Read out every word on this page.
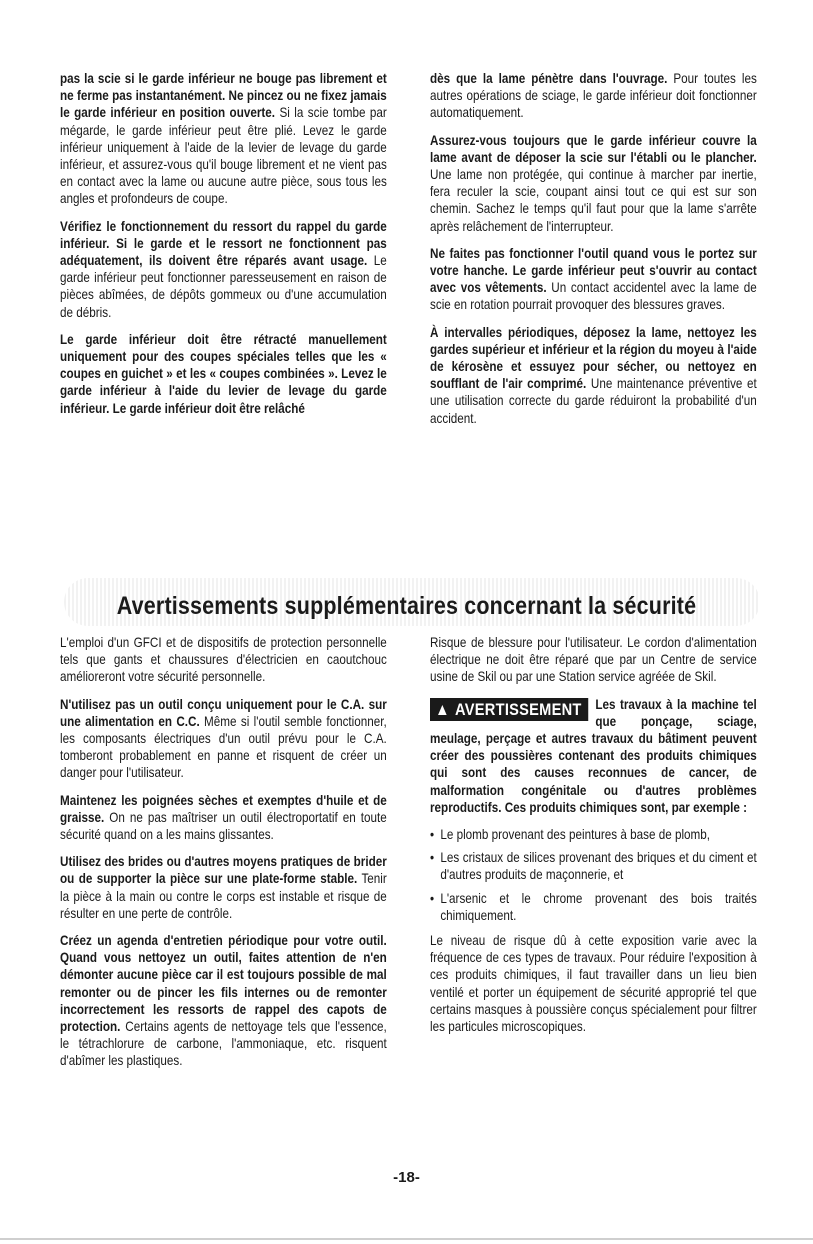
pas la scie si le garde inférieur ne bouge pas librement et ne ferme pas instantanément. Ne pincez ou ne fixez jamais le garde inférieur en position ouverte. Si la scie tombe par mégarde, le garde inférieur peut être plié. Levez le garde inférieur uniquement à l'aide de la levier de levage du garde inférieur, et assurez-vous qu'il bouge librement et ne vient pas en contact avec la lame ou aucune autre pièce, sous tous les angles et profondeurs de coupe.

Vérifiez le fonctionnement du ressort du rappel du garde inférieur. Si le garde et le ressort ne fonctionnent pas adéquatement, ils doivent être réparés avant usage. Le garde inférieur peut fonctionner paresseusement en raison de pièces abîmées, de dépôts gommeux ou d'une accumulation de débris.

Le garde inférieur doit être rétracté manuellement uniquement pour des coupes spéciales telles que les « coupes en guichet » et les « coupes combinées ». Levez le garde inférieur à l'aide du levier de levage du garde inférieur. Le garde inférieur doit être relâché

dès que la lame pénètre dans l'ouvrage. Pour toutes les autres opérations de sciage, le garde inférieur doit fonctionner automatiquement.

Assurez-vous toujours que le garde inférieur couvre la lame avant de déposer la scie sur l'établi ou le plancher. Une lame non protégée, qui continue à marcher par inertie, fera reculer la scie, coupant ainsi tout ce qui est sur son chemin. Sachez le temps qu'il faut pour que la lame s'arrête après relâchement de l'interrupteur.

Ne faites pas fonctionner l'outil quand vous le portez sur votre hanche. Le garde inférieur peut s'ouvrir au contact avec vos vêtements. Un contact accidentel avec la lame de scie en rotation pourrait provoquer des blessures graves.

À intervalles périodiques, déposez la lame, nettoyez les gardes supérieur et inférieur et la région du moyeu à l'aide de kérosène et essuyez pour sécher, ou nettoyez en soufflant de l'air comprimé. Une maintenance préventive et une utilisation correcte du garde réduiront la probabilité d'un accident.

Avertissements supplémentaires concernant la sécurité

L'emploi d'un GFCI et de dispositifs de protection personnelle tels que gants et chaussures d'électricien en caoutchouc amélioreront votre sécurité personnelle.

N'utilisez pas un outil conçu uniquement pour le C.A. sur une alimentation en C.C. Même si l'outil semble fonctionner, les composants électriques d'un outil prévu pour le C.A. tomberont probablement en panne et risquent de créer un danger pour l'utilisateur.

Maintenez les poignées sèches et exemptes d'huile et de graisse. On ne pas maîtriser un outil électroportatif en toute sécurité quand on a les mains glissantes.

Utilisez des brides ou d'autres moyens pratiques de brider ou de supporter la pièce sur une plate-forme stable. Tenir la pièce à la main ou contre le corps est instable et risque de résulter en une perte de contrôle.

Créez un agenda d'entretien périodique pour votre outil. Quand vous nettoyez un outil, faites attention de n'en démonter aucune pièce car il est toujours possible de mal remonter ou de pincer les fils internes ou de remonter incorrectement les ressorts de rappel des capots de protection. Certains agents de nettoyage tels que l'essence, le tétrachlorure de carbone, l'ammoniaque, etc. risquent d'abîmer les plastiques.

Risque de blessure pour l'utilisateur. Le cordon d'alimentation électrique ne doit être réparé que par un Centre de service usine de Skil ou par une Station service agréée de Skil.

▲ AVERTISSEMENT	Les travaux à la machine tel que ponçage, sciage, meulage, perçage et autres travaux du bâtiment peuvent créer des poussières contenant des produits chimiques qui sont des causes reconnues de cancer, de malformation congénitale ou d'autres problèmes reproductifs. Ces produits chimiques sont, par exemple :

• Le plomb provenant des peintures à base de plomb,

• Les cristaux de silices provenant des briques et du ciment et d'autres produits de maçonnerie, et

• L'arsenic et le chrome provenant des bois traités chimiquement.

Le niveau de risque dû à cette exposition varie avec la fréquence de ces types de travaux. Pour réduire l'exposition à ces produits chimiques, il faut travailler dans un lieu bien ventilé et porter un équipement de sécurité approprié tel que certains masques à poussière conçus spécialement pour filtrer les particules microscopiques.

-18-
